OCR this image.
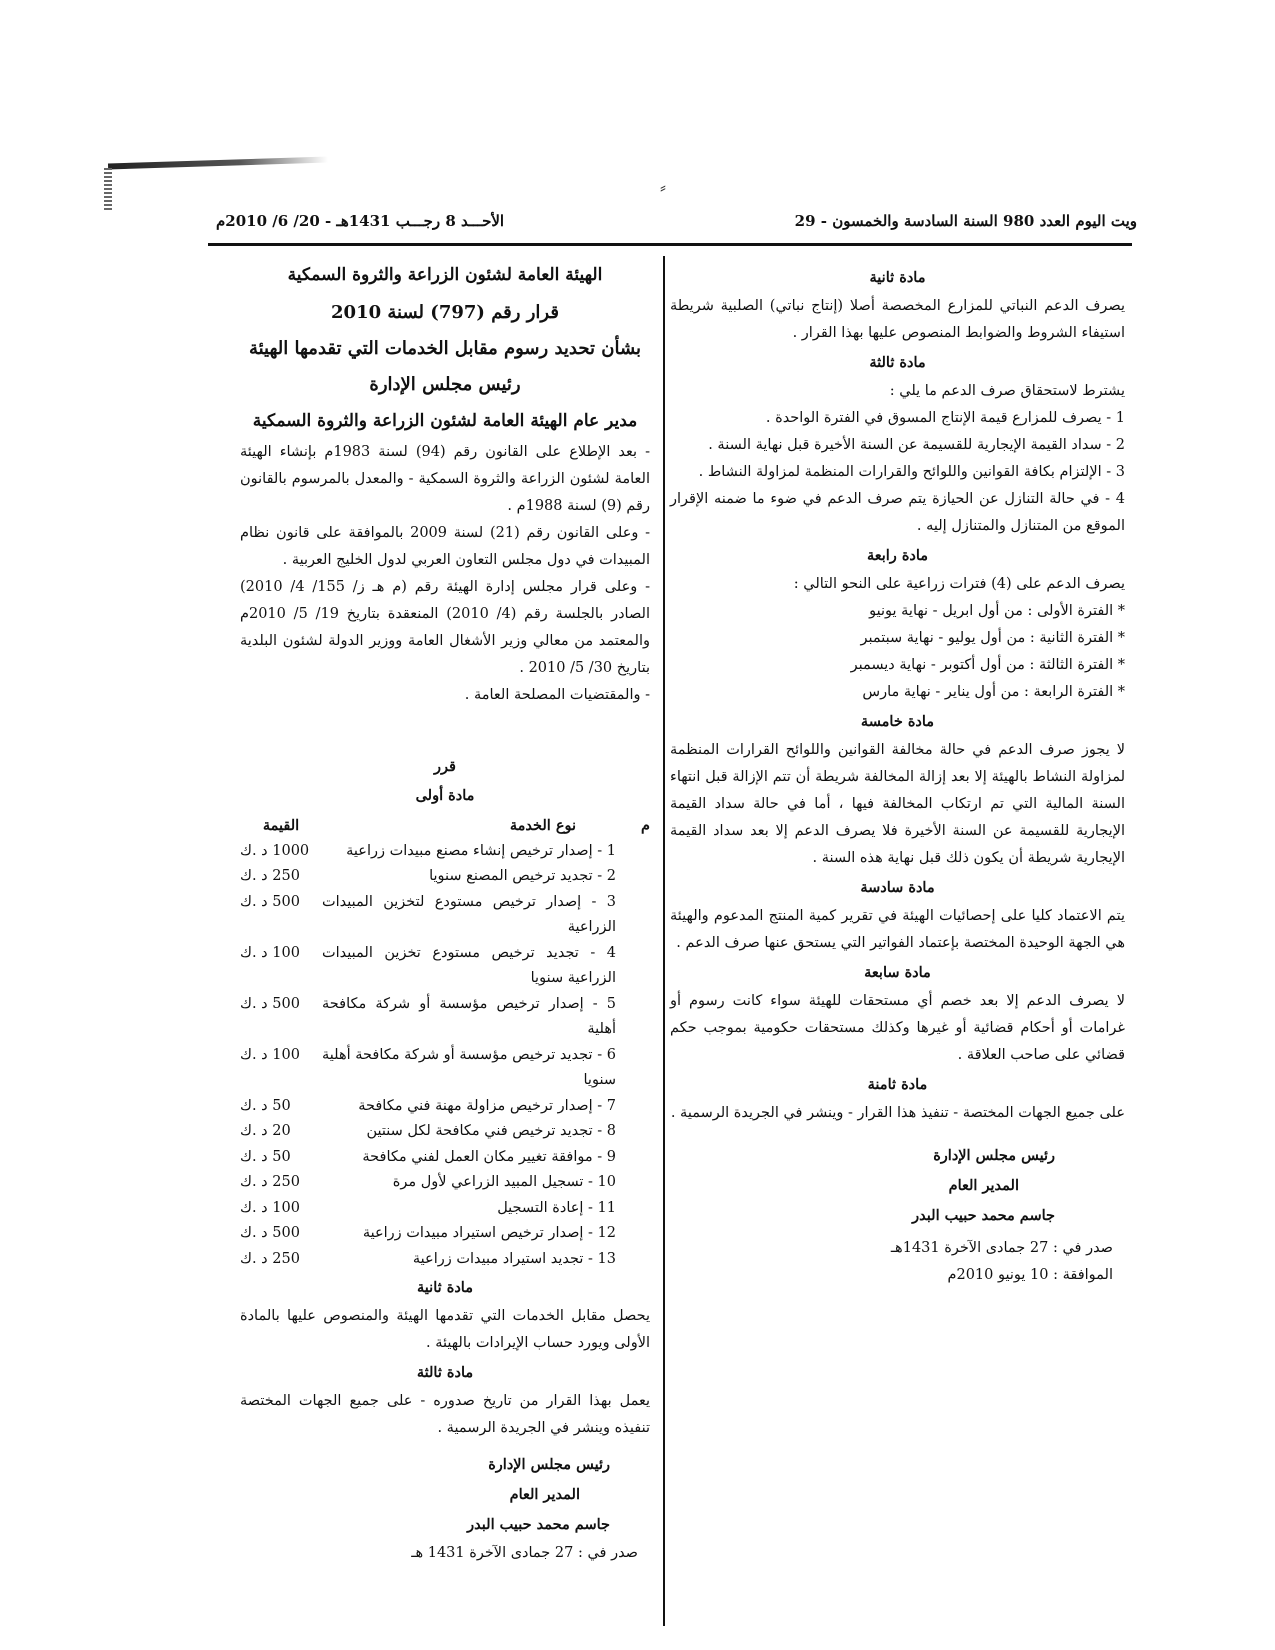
⸗
ويت اليوم العدد 980 السنة السادسة والخمسون - 29
الأحـــد 8 رجـــب 1431هـ - 20/ 6/ 2010م

مادة ثانية

يصرف الدعم النباتي للمزارع المخصصة أصلا (إنتاج نباتي) الصلبية شريطة استيفاء الشروط والضوابط المنصوص عليها بهذا القرار .

مادة ثالثة

يشترط لاستحقاق صرف الدعم ما يلي :

1 - يصرف للمزارع قيمة الإنتاج المسوق في الفترة الواحدة .

2 - سداد القيمة الإيجارية للقسيمة عن السنة الأخيرة قبل نهاية السنة .

3 - الإلتزام بكافة القوانين واللوائح والقرارات المنظمة لمزاولة النشاط .

4 - في حالة التنازل عن الحيازة يتم صرف الدعم في ضوء ما ضمنه الإقرار الموقع من المتنازل والمتنازل إليه .

مادة رابعة

يصرف الدعم على (4) فترات زراعية على النحو التالي :

* الفترة الأولى : من أول ابريل - نهاية يونيو

* الفترة الثانية : من أول يوليو - نهاية سبتمبر

* الفترة الثالثة : من أول أكتوبر - نهاية ديسمبر

* الفترة الرابعة : من أول يناير - نهاية مارس

مادة خامسة

لا يجوز صرف الدعم في حالة مخالفة القوانين واللوائح القرارات المنظمة لمزاولة النشاط بالهيئة إلا بعد إزالة المخالفة شريطة أن تتم الإزالة قبل انتهاء السنة المالية التي تم ارتكاب المخالفة فيها ، أما في حالة سداد القيمة الإيجارية للقسيمة عن السنة الأخيرة فلا يصرف الدعم إلا بعد سداد القيمة الإيجارية شريطة أن يكون ذلك قبل نهاية هذه السنة .

مادة سادسة

يتم الاعتماد كليا على إحصائيات الهيئة في تقرير كمية المنتج المدعوم والهيئة هي الجهة الوحيدة المختصة بإعتماد الفواتير التي يستحق عنها صرف الدعم .

مادة سابعة

لا يصرف الدعم إلا بعد خصم أي مستحقات للهيئة سواء كانت رسوم أو غرامات أو أحكام قضائية أو غيرها وكذلك مستحقات حكومية بموجب حكم قضائي على صاحب العلاقة .

مادة ثامنة

على جميع الجهات المختصة - تنفيذ هذا القرار - وينشر في الجريدة الرسمية .

رئيس مجلس الإدارة

المدير العام

جاسم محمد حبيب البدر

صدر في : 27 جمادى الآخرة 1431هـ

الموافقة : 10 يونيو 2010م

الهيئة العامة لشئون الزراعة والثروة السمكية

قرار رقم (797) لسنة 2010

بشأن تحديد رسوم مقابل الخدمات التي تقدمها الهيئة

رئيس مجلس الإدارة

مدير عام الهيئة العامة لشئون الزراعة والثروة السمكية

- بعد الإطلاع على القانون رقم (94) لسنة 1983م بإنشاء الهيئة العامة لشئون الزراعة والثروة السمكية - والمعدل بالمرسوم بالقانون رقم (9) لسنة 1988م .

- وعلى القانون رقم (21) لسنة 2009 بالموافقة على قانون نظام المبيدات في دول مجلس التعاون العربي لدول الخليج العربية .

- وعلى قرار مجلس إدارة الهيئة رقم (م هـ ز/ 155/ 4/ 2010) الصادر بالجلسة رقم (4/ 2010) المنعقدة بتاريخ 19/ 5/ 2010م والمعتمد من معالي وزير الأشغال العامة ووزير الدولة لشئون البلدية بتاريخ 30/ 5/ 2010 .

- والمقتضيات المصلحة العامة .

قرر

مادة أولى

م
نوع الخدمة
القيمة
1 - إصدار ترخيص إنشاء مصنع مبيدات زراعية
1000 د .ك
2 - تجديد ترخيص المصنع سنويا
250 د .ك
3 - إصدار ترخيص مستودع لتخزين المبيدات الزراعية
500 د .ك
4 - تجديد ترخيص مستودع تخزين المبيدات الزراعية سنويا
100 د .ك
5 - إصدار ترخيص مؤسسة أو شركة مكافحة أهلية
500 د .ك
6 - تجديد ترخيص مؤسسة أو شركة مكافحة أهلية سنويا
100 د .ك
7 - إصدار ترخيص مزاولة مهنة فني مكافحة
50 د .ك
8 - تجديد ترخيص فني مكافحة لكل سنتين
20 د .ك
9 - موافقة تغيير مكان العمل لفني مكافحة
50 د .ك
10 - تسجيل المبيد الزراعي لأول مرة
250 د .ك
11 - إعادة التسجيل
100 د .ك
12 - إصدار ترخيص استيراد مبيدات زراعية
500 د .ك
13 - تجديد استيراد مبيدات زراعية
250 د .ك

مادة ثانية

يحصل مقابل الخدمات التي تقدمها الهيئة والمنصوص عليها بالمادة الأولى ويورد حساب الإيرادات بالهيئة .

مادة ثالثة

يعمل بهذا القرار من تاريخ صدوره - على جميع الجهات المختصة تنفيذه وينشر في الجريدة الرسمية .

رئيس مجلس الإدارة

المدير العام

جاسم محمد حبيب البدر

صدر في : 27 جمادى الآخرة 1431 هـ
